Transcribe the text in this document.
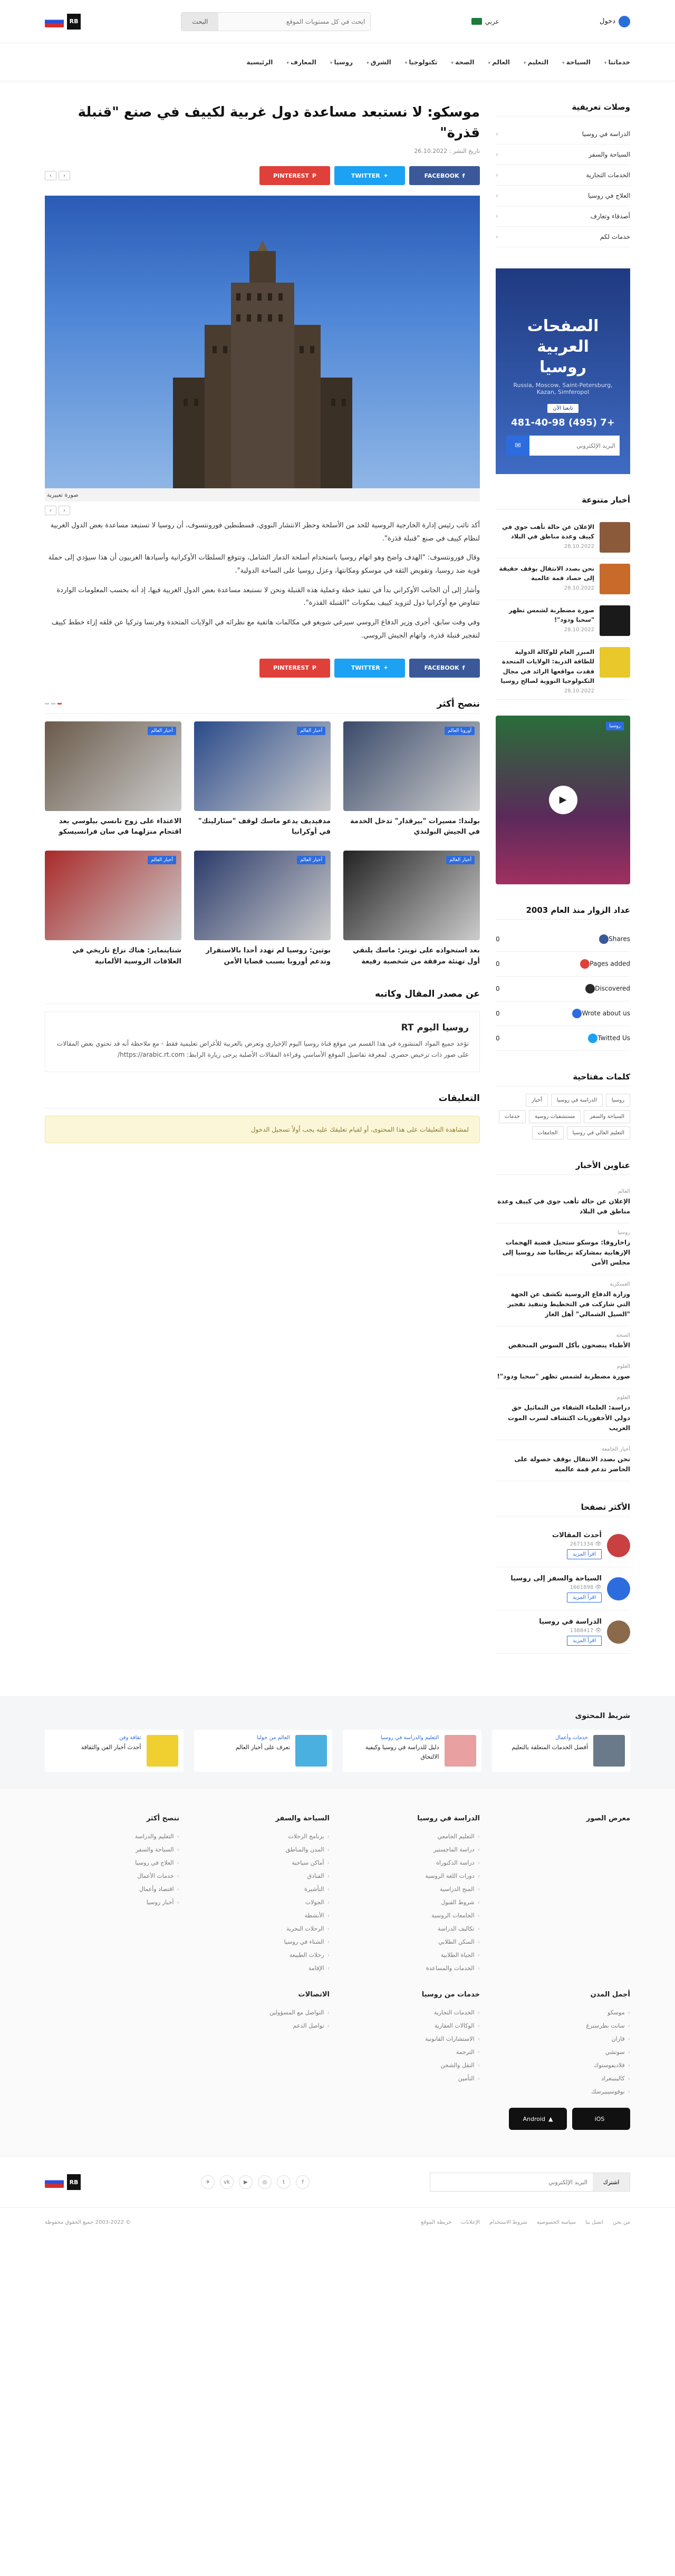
👤
دخول
عربي
ابحث في كل مستويات الموقع
البحث
RB
خدماتنا ▾
السياحة ▾
التعليم ▾
العالم ▾
الصحة ▾
تكنولوجيا ▾
الشرق ▾
روسيا ▾
المعارف ▾
الرئيسية
وصلات تعريفية
الدراسة في روسيا
‹
السياحة والسفر
‹
الخدمات التجارية
‹
العلاج في روسيا
‹
أصدقاء وتعارف
‹
خدمات لكم
‹
الصفحات العربية
روسيا
Russia, Moscow, Saint-Petersburg, Kazan, Simferopol
تابعنا الآن
+7 (495) 481-40-98
البريد الإلكتروني
✉
أخبار متنوعة
الإعلان عن حالة تأهب جوي في كييف وعدة مناطق في البلاد
28.10.2022
نحن بصدد الانتقال بوقف حقيقة إلى حصاد قمة عالمية
28.10.2022
صورة مضطربة لشمس تظهر "سحبا ودود"!
28.10.2022
المبرر العام للوكالة الدولية للطاقة الذرية: الولايات المتحدة فقدت مواقعها الرائد في مجال التكنولوجيا النووية لصالح روسيا
28.10.2022
روسيا
▶
عداد الزوار منذ العام 2003
0	Shares
0	Pages added
0	Discovered
0	Wrote about us
0	Twitted Us
كلمات مفتاحية
روسيا
الدراسة في روسيا
أخبار
السياحة والسفر
مستشفيات روسية
خدمات
التعليم العالي في روسيا
الجامعات
عناوين الأخبار
العالم
الإعلان عن حالة تأهب جوي في كييف وعدة مناطق في البلاد
روسيا
زاخاروفا: موسكو ستحيل قضية الهجمات الإرهابية بمشاركة بريطانيا ضد روسيا إلى مجلس الأمن
العسكرية
وزارة الدفاع الروسية تكشف عن الجهة التي شاركت في التخطيط وتنفيذ تفجير "السيل الشمالي" أهل الغاز
الصحة
الأطباء ينصحون بأكل السوس المنخفض
العلوم
صورة مضطربة لشمس تظهر "سحبا ودود"!
العلوم
دراسة: العلماء الشفاء من التماثيل حق دولي الأحفوريات اكتشاف لسرب الموت الغريب
أخبار الجامعة
نحن بصدد الانتقال بوقف حصولة على الحاضر تدعم قمة عالمية
الأكثر تصفحا
أحدث المقالات
👁 2671334
اقرأ المزيد
السياحة والسفر إلى روسيا
👁 1661898
اقرأ المزيد
الدراسة في روسيا
👁 1388417
اقرأ المزيد
موسكو: لا نستبعد مساعدة دول غربية لكييف في صنع "قنبلة قذرة"
تاريخ النشر : 26.10.2022
f
FACEBOOK
✦
TWITTER
P
PINTEREST
‹
›
صورة تعبيرية
‹
›

أكد نائب رئيس إدارة الخارجية الروسية للحد من الأسلحة وحظر الانتشار النووي، قسطنطين فورونتسوف، أن روسيا لا تستبعد مساعدة بعض الدول الغربية لنظام كييف في صنع "قنبلة قذرة".

وقال فورونتسوف: "الهدف واضح وهو اتهام روسيا باستخدام أسلحة الدمار الشامل، وتتوقع السلطات الأوكرانية وأسيادها الغربيون أن هذا سيؤدي إلى حملة قوية ضد روسيا، وتقويض الثقة في موسكو ومكانتها، وعزل روسيا على الساحة الدولية".

وأشار إلى أن الجانب الأوكراني بدأ في تنفيذ خطة وعملية هذه القنبلة ونحن لا نستبعد مساعدة بعض الدول الغربية فيها، إذ أنه بحسب المعلومات الواردة تتفاوض مع أوكرانيا دول لتزويد كييف بمكونات "القنبلة القذرة".

وفي وقت سابق، أجرى وزير الدفاع الروسي سيرغي شويغو في مكالمات هاتفية مع نظرائه في الولايات المتحدة وفرنسا وتركيا عن قلقه إزاء خطط كييف لتفجير قنبلة قذرة، واتهام الجيش الروسي.

f
FACEBOOK
✦
TWITTER
P
PINTEREST
ننصح أكثر
أوروبا العالم
بولندا: مسيرات "بيرقدار" تدخل الخدمة في الجيش البولندي
أخبار العالم
مدفيديف يدعو ماسك لوقف "ستارلينك" في أوكرانيا
أخبار العالم
الاعتداء على زوج نانسي بيلوسي بعد اقتحام منزلهما في سان فرانسيسكو
أخبار العالم
بعد استحواذه على تويتر: ماسك يلتقي أول تهنئة مرفقة من شخصية رفيعة
أخبار العالم
بوتين: روسيا لم تهدد أحدا بالاستقرار وتدعم أوروبا بسبب قضايا الأمن
أخبار العالم
شتاينماير: هناك نزاع تاريخي في العلاقات الروسية الألمانية
عن مصدر المقال وكاتبه
روسيا اليوم RT

تؤخذ جميع المواد المنشورة في هذا القسم من موقع قناة روسيا اليوم الإخباري وتعرض بالعربية للأغراض تعليمية فقط - مع ملاحظة أنه قد تحتوي بعض المقالات على صور ذات ترخيص حصري. لمعرفة تفاصيل الموقع الأساسي وقراءة المقالات الأصلية يرجى زيارة الرابط: https://arabic.rt.com/

التعليقات
لمشاهدة التعليقات على هذا المحتوى، أو لقيام تعليقك عليه يجب أولاً تسجيل الدخول
شريط المحتوى
خدمات وأعمال
أفضل الخدمات المتعلقة بالتعليم
التعليم والدراسة في روسيا
دليل للدراسة في روسيا وكيفية الالتحاق
العالم من حولنا
تعرف على أخبار العالم
ثقافة وفن
أحدث أخبار الفن والثقافة
معرض الصور
الدراسة في روسيا
› التعليم الجامعي
› دراسة الماجستير
› دراسة الدكتوراه
› دورات اللغة الروسية
› المنح الدراسية
› شروط القبول
› الجامعات الروسية
› تكاليف الدراسة
› السكن الطلابي
› الحياة الطلابية
› الخدمات والمساعدة
السياحة والسفر
› برنامج الرحلات
› المدن والمناطق
› أماكن سياحية
› الفنادق
› التأشيرة
› الجولات
› الأنشطة
› الرحلات البحرية
› الشتاء في روسيا
› رحلات الطبيعة
› الإقامة
ننصح أكثر
› التعليم والدراسة
› السياحة والسفر
› العلاج في روسيا
› خدمات الأعمال
› اقتصاد وأعمال
› أخبار روسيا
أجمل المدن
› موسكو
› سانت بطرسبرغ
› قازان
› سوتشي
› فلاديفوستوك
› كالينينغراد
› نوفوسيبيرسك
خدمات من روسيا
› الخدمات التجارية
› الوكالات العقارية
› الاستشارات القانونية
› الترجمة
› النقل والشحن
› التأمين
الاتصالات
› التواصل مع المسؤولين
› تواصل الدعم
iOS
▲
Android
اشترك
البريد الإلكتروني
f
t
◎
▶
vk
✈
RB
من نحن
اتصل بنا
سياسة الخصوصية
شروط الاستخدام
الإعلانات
خريطة الموقع
© 2003-2022 جميع الحقوق محفوظة
